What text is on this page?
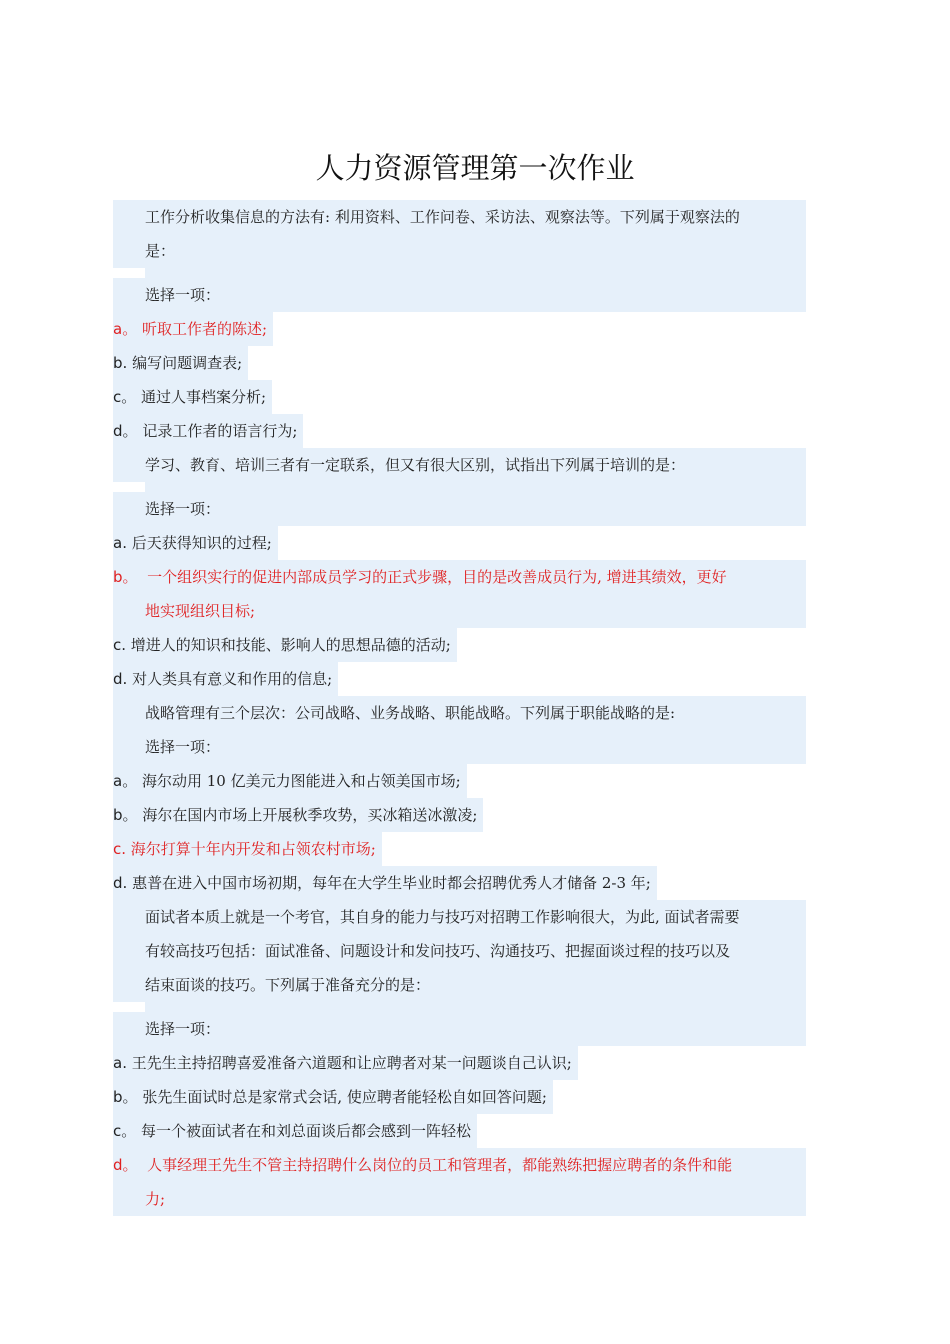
人力资源管理第一次作业
工作分析收集信息的方法有: 利用资料、工作问卷、采访法、观察法等。下列属于观察法的
是：
选择一项：
a。 听取工作者的陈述;
b. 编写问题调查表;
c。 通过人事档案分析;
d。 记录工作者的语言行为;
学习、教育、培训三者有一定联系，但又有很大区别，试指出下列属于培训的是：
选择一项：
a. 后天获得知识的过程;
b。 一个组织实行的促进内部成员学习的正式步骤，目的是改善成员行为, 增进其绩效，更好
地实现组织目标;
c. 增进人的知识和技能、影响人的思想品德的活动;
d. 对人类具有意义和作用的信息;
战略管理有三个层次：公司战略、业务战略、职能战略。下列属于职能战略的是:
选择一项：
a。 海尔动用 10 亿美元力图能进入和占领美国市场;
b。 海尔在国内市场上开展秋季攻势，买冰箱送冰激凌;
c. 海尔打算十年内开发和占领农村市场;
d. 惠普在进入中国市场初期，每年在大学生毕业时都会招聘优秀人才储备 2-3 年;
面试者本质上就是一个考官，其自身的能力与技巧对招聘工作影响很大，为此, 面试者需要
有较高技巧包括：面试准备、问题设计和发问技巧、沟通技巧、把握面谈过程的技巧以及
结束面谈的技巧。下列属于准备充分的是：
选择一项：
a. 王先生主持招聘喜爱准备六道题和让应聘者对某一问题谈自己认识;
b。 张先生面试时总是家常式会话, 使应聘者能轻松自如回答问题;
c。 每一个被面试者在和刘总面谈后都会感到一阵轻松
d。 人事经理王先生不管主持招聘什么岗位的员工和管理者，都能熟练把握应聘者的条件和能
力;
